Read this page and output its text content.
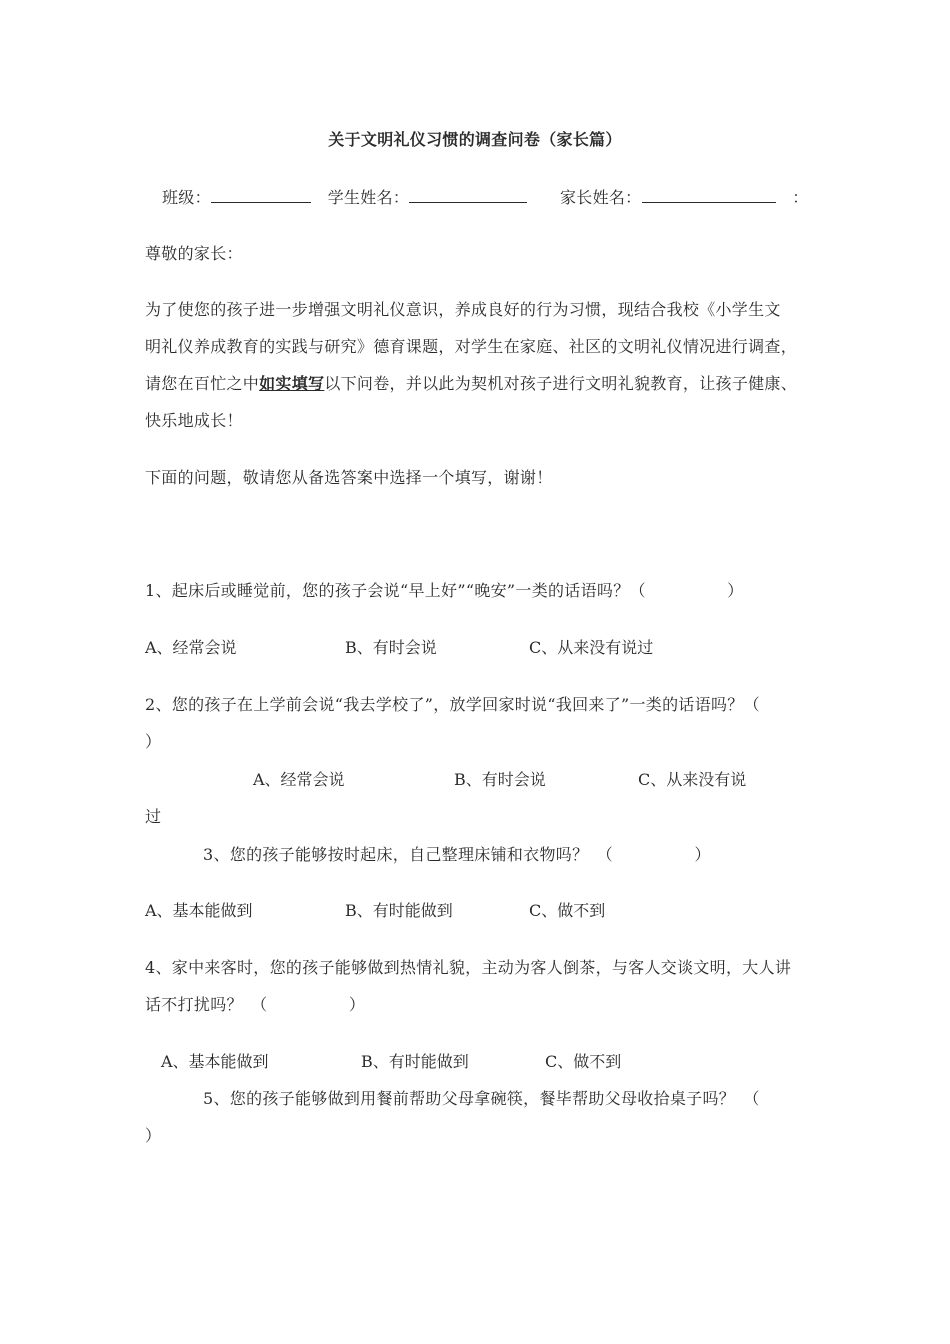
关于文明礼仪习惯的调查问卷（家长篇）
班级：	学生姓名：	家长姓名：	：
尊敬的家长：
为了使您的孩子进一步增强文明礼仪意识，养成良好的行为习惯，现结合我校《小学生文
明礼仪养成教育的实践与研究》德育课题，对学生在家庭、社区的文明礼仪情况进行调查，
请您在百忙之中如实填写以下问卷，并以此为契机对孩子进行文明礼貌教育，让孩子健康、
快乐地成长！
下面的问题，敬请您从备选答案中选择一个填写，谢谢！
1、起床后或睡觉前，您的孩子会说“早上好”“晚安”一类的话语吗？（　　　　　）
A、经常会说	B、有时会说	C、从来没有说过
2、您的孩子在上学前会说“我去学校了”，放学回家时说“我回来了”一类的话语吗？（
）
A、经常会说	B、有时会说	C、从来没有说
过
3、您的孩子能够按时起床，自己整理床铺和衣物吗？　（　　　　　）
A、基本能做到	B、有时能做到	C、做不到
4、家中来客时，您的孩子能够做到热情礼貌，主动为客人倒茶，与客人交谈文明，大人讲
话不打扰吗？　（　　　　　）
A、基本能做到	B、有时能做到	C、做不到
5、您的孩子能够做到用餐前帮助父母拿碗筷，餐毕帮助父母收拾桌子吗？　（
）
